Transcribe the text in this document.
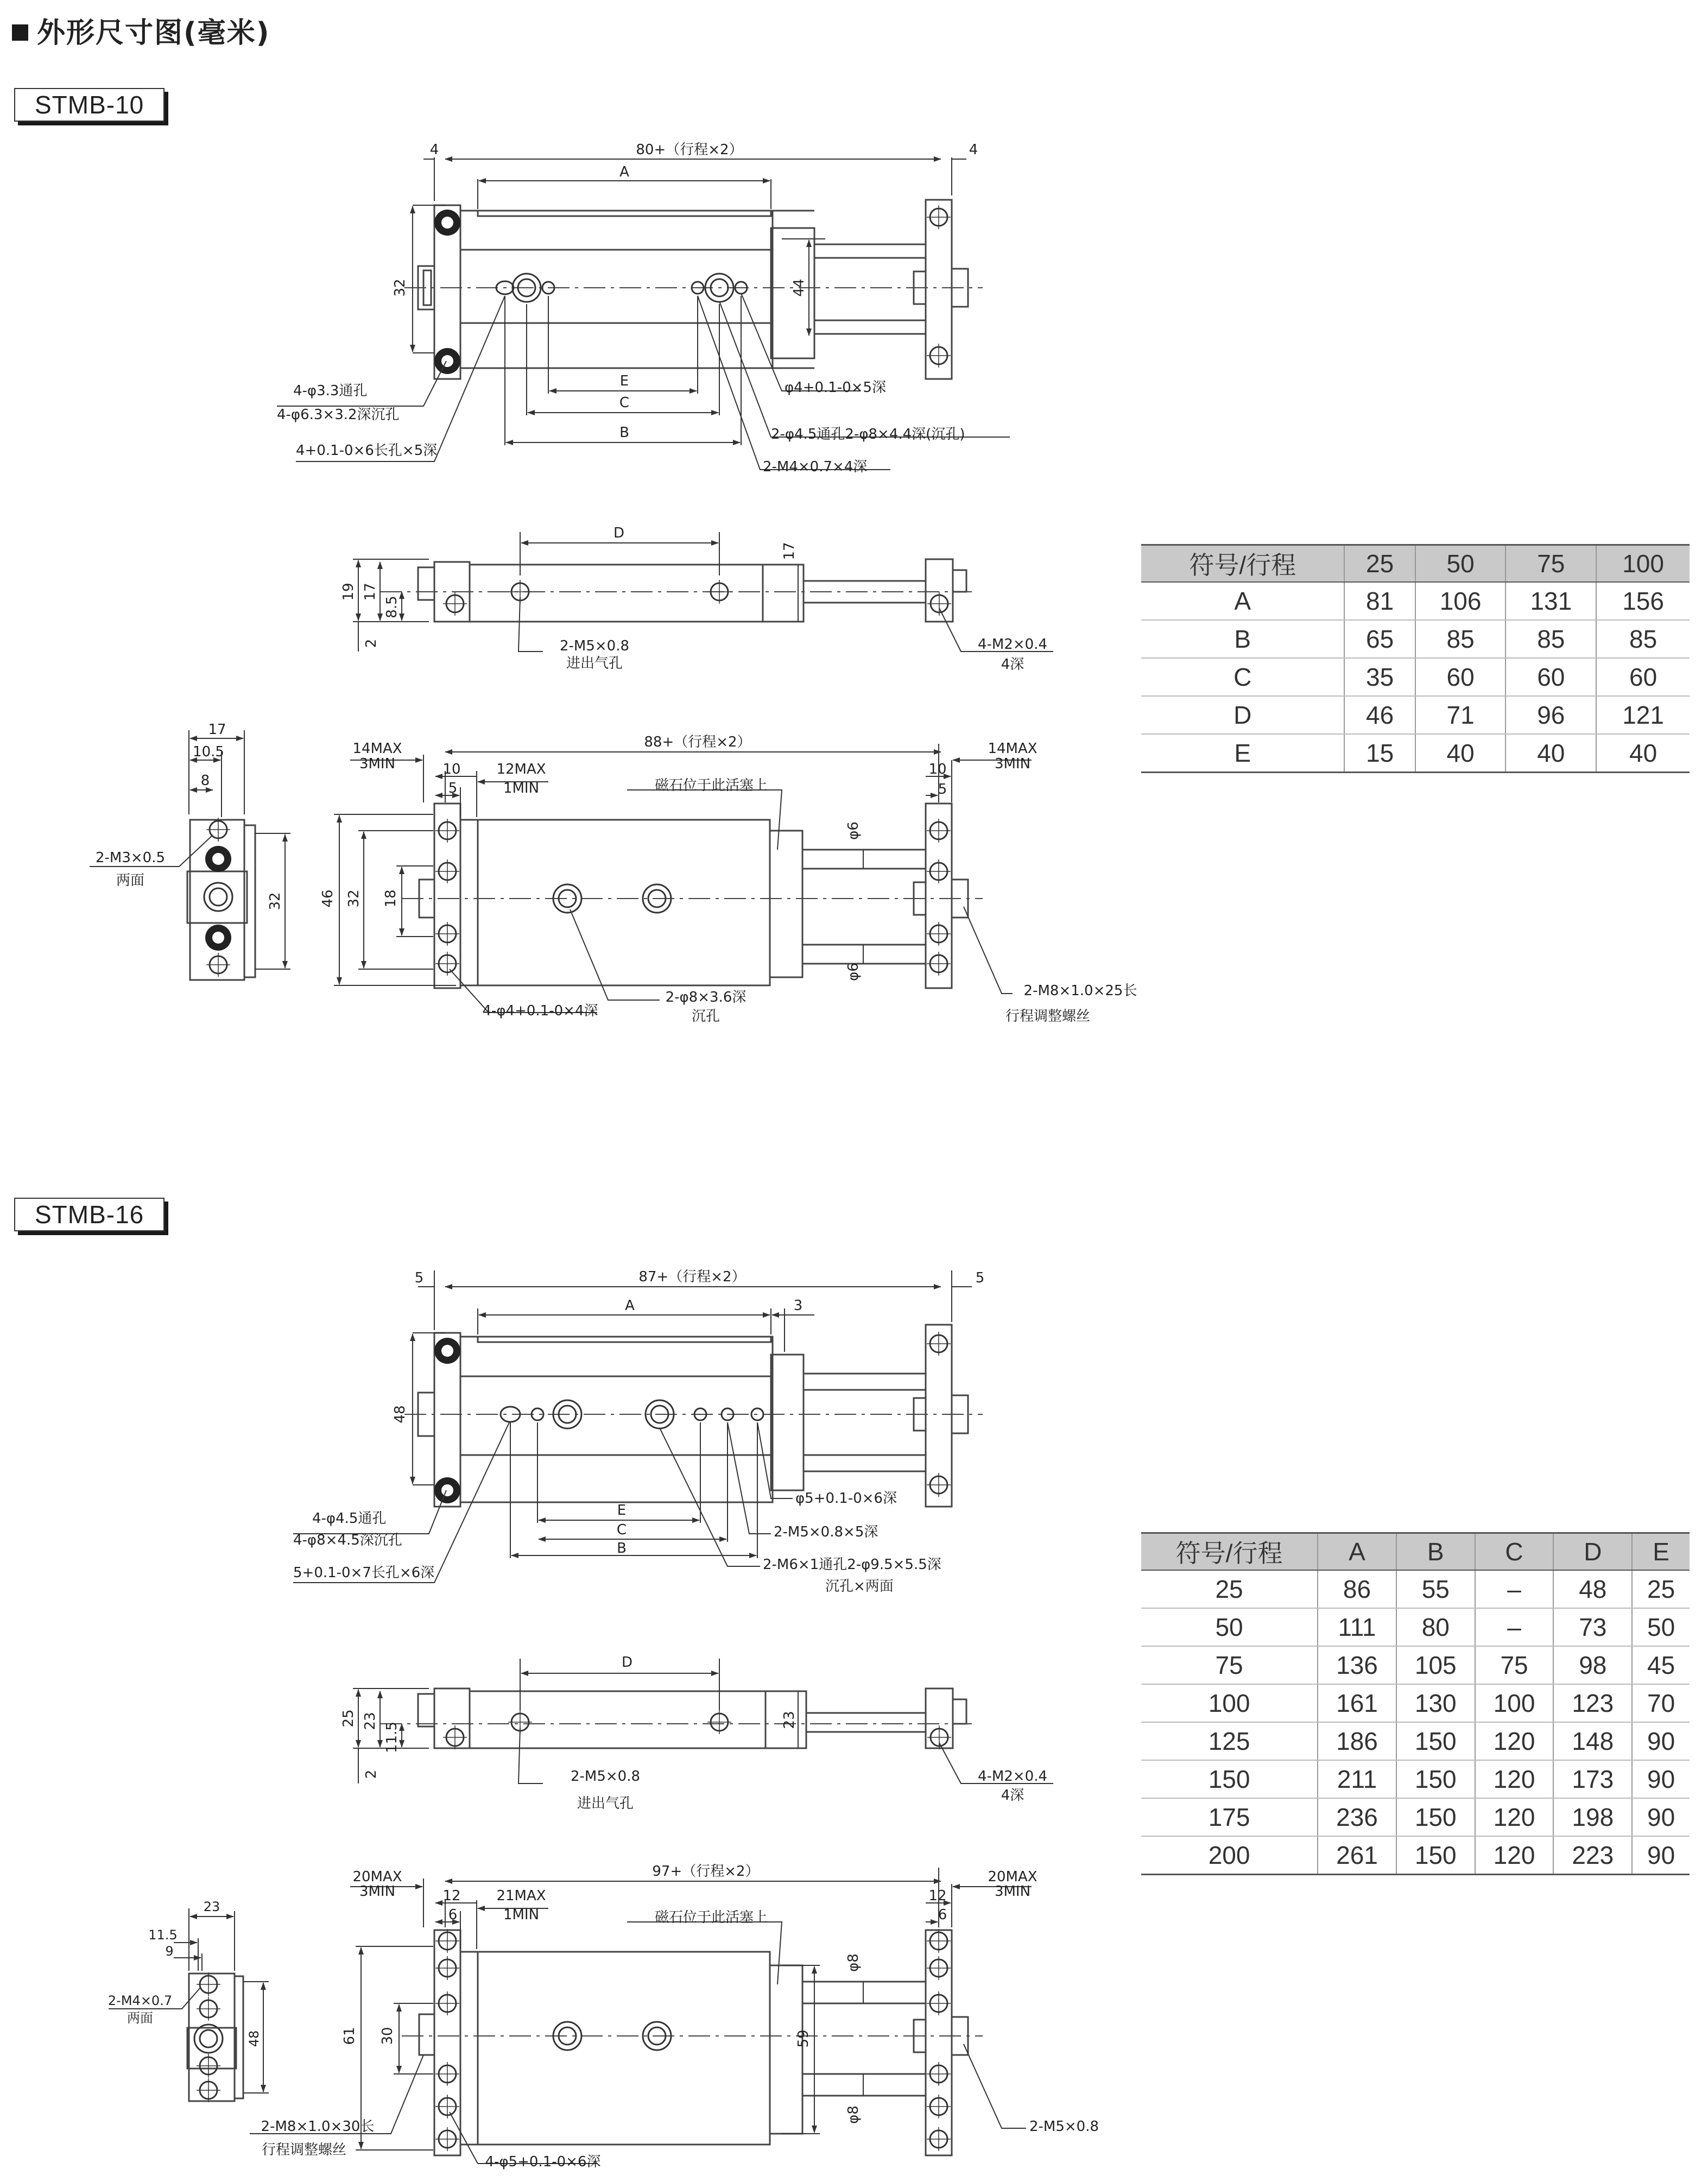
外形尺寸图(毫米)
STMB-10
STMB-16
4	80+（行程×2）	4
A
32	44
E
C
B
4-φ3.3通孔
4-φ6.3×3.2深沉孔
4+0.1-0×6长孔×5深
φ4+0.1-0×5深
2-φ4.5通孔2-φ8×4.4深(沉孔)
2-M4×0.7×4深
D
17
19 17
8.5
2	2-M5×0.8
进出气孔
4-M2×0.4
4深
17
10.5
8
32
2-M3×0.5
两面
14MAX
3MIN	10
5
12MAX
1MIN
88+（行程×2）
10
14MAX
3MIN
5
46 32 18
φ6
φ6
磁石位于此活塞上
4-φ4+0.1-0×4深
2-φ8×3.6深
沉孔
2-M8×1.0×25长
行程调整螺丝
5	87+（行程×2）	5
A	3
48
E
C
B
4-φ4.5通孔
4-φ8×4.5深沉孔
5+0.1-0×7长孔×6深
φ5+0.1-0×6深
2-M5×0.8×5深
2-M6×1通孔2-φ9.5×5.5深
沉孔×两面
D
25 23
11.5
2
23
2-M5×0.8
进出气孔
4-M2×0.4
4深
23
11.5
9
48
2-M4×0.7
两面
20MAX
3MIN	12
6
21MAX
1MIN
97+（行程×2）
12
20MAX
3MIN
6
61 30	59
φ8
φ8
磁石位于此活塞上
2-M8×1.0×30长
行程调整螺丝
4-φ5+0.1-0×6深
2-M5×0.8
符号/行程	25	50	75	100
A	81	106	131	156
B	65	85	85	85
C	35	60	60	60
D	46	71	96	121
E	15	40	40	40
符号/行程	A	B	C	D	E
25	86	55	–	48	25
50	111	80	–	73	50
75	136	105	75	98	45
100	161	130	100	123	70
125	186	150	120	148	90
150	211	150	120	173	90
175	236	150	120	198	90
200	261	150	120	223	90
